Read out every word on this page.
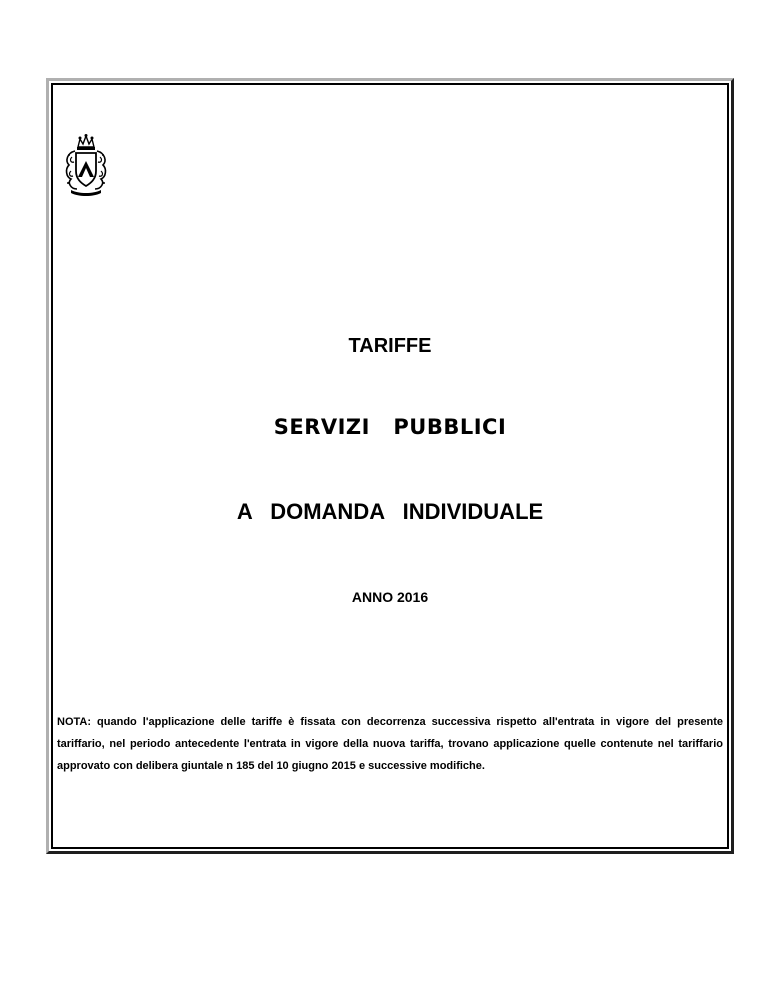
TARIFFE
SERVIZI   PUBBLICI
A   DOMANDA   INDIVIDUALE
ANNO 2016
NOTA: quando l'applicazione delle tariffe è fissata con decorrenza successiva rispetto all'entrata in vigore del presente tariffario, nel periodo antecedente l'entrata in vigore della nuova tariffa, trovano applicazione quelle contenute nel tariffario approvato con delibera giuntale n 185 del 10 giugno 2015 e successive modifiche.
